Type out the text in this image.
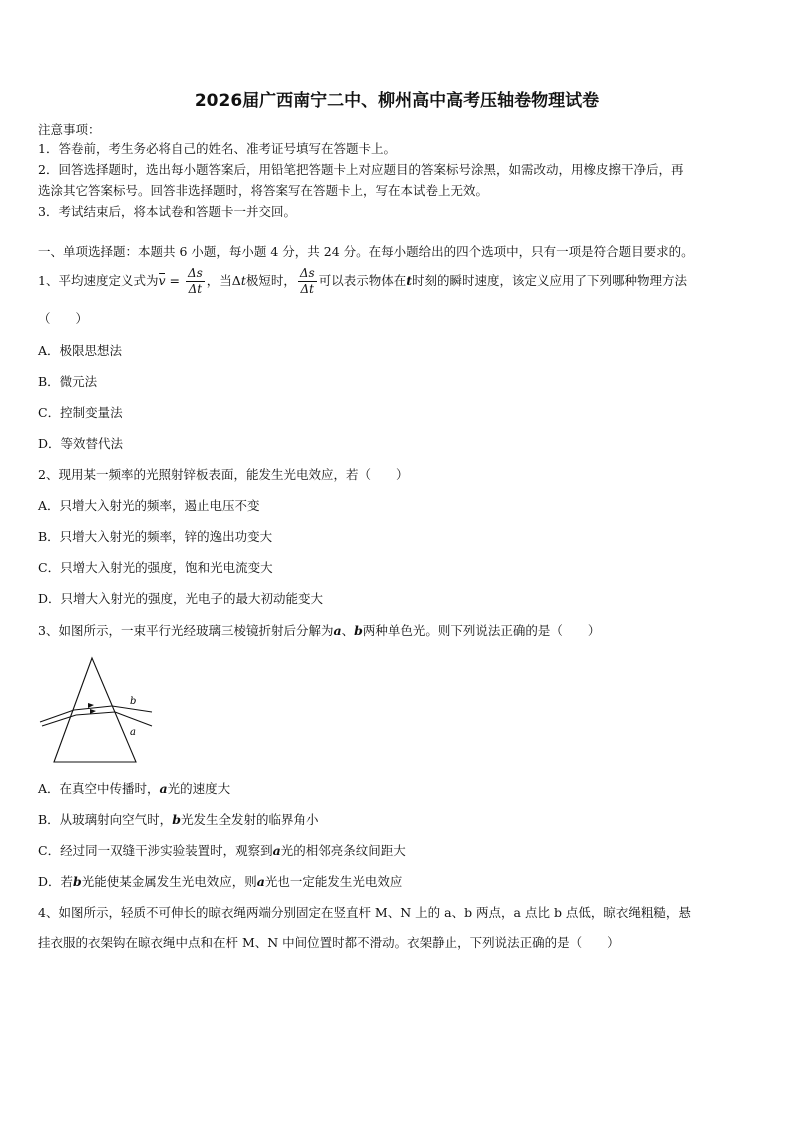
2026届广西南宁二中、柳州高中高考压轴卷物理试卷
注意事项：
1．答卷前，考生务必将自己的姓名、准考证号填写在答题卡上。
2．回答选择题时，选出每小题答案后，用铅笔把答题卡上对应题目的答案标号涂黑，如需改动，用橡皮擦干净后，再
选涂其它答案标号。回答非选择题时，将答案写在答题卡上，写在本试卷上无效。
3．考试结束后，将本试卷和答题卡一并交回。
一、单项选择题：本题共 6 小题，每小题 4 分，共 24 分。在每小题给出的四个选项中，只有一项是符合题目要求的。
1、平均速度定义式为$v = \frac{\Delta s}{\Delta t}$ ，当Δt极短时， $\frac{\Delta s}{\Delta t}$ 可以表示物体在t时刻的瞬时速度，该定义应用了下列哪种物理方法
（　　）
A．极限思想法
B．微元法
C．控制变量法
D．等效替代法
2、现用某一频率的光照射锌板表面，能发生光电效应，若（　　）
A．只增大入射光的频率，遏止电压不变
B．只增大入射光的频率，锌的逸出功变大
C．只增大入射光的强度，饱和光电流变大
D．只增大入射光的强度，光电子的最大初动能变大
3、如图所示，一束平行光经玻璃三棱镜折射后分解为a、b两种单色光。则下列说法正确的是（　　）
b
a
A．在真空中传播时，a光的速度大
B．从玻璃射向空气时，b光发生全发射的临界角小
C．经过同一双缝干涉实验装置时，观察到a光的相邻亮条纹间距大
D．若b光能使某金属发生光电效应，则a光也一定能发生光电效应
4、如图所示，轻质不可伸长的晾衣绳两端分别固定在竖直杆 M、N 上的 a、b 两点，a 点比 b 点低，晾衣绳粗糙，悬
挂衣服的衣架钩在晾衣绳中点和在杆 M、N 中间位置时都不滑动。衣架静止，下列说法正确的是（　　）
